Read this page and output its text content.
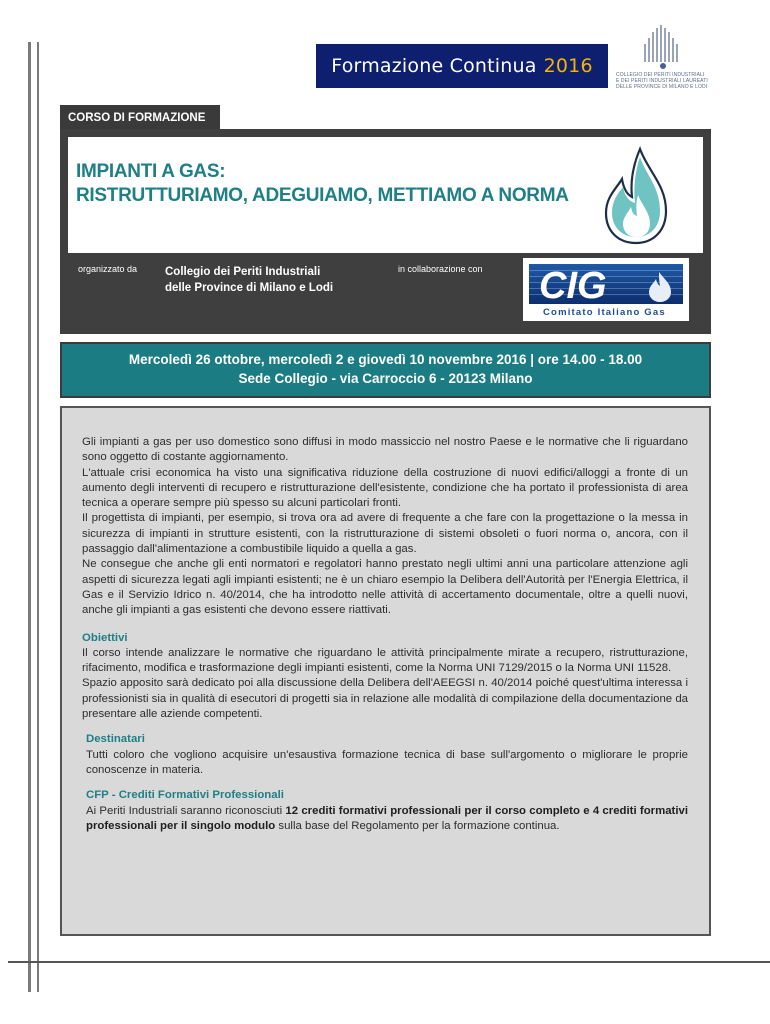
Formazione Continua 2016	COLLEGIO DEI PERITI INDUSTRIALI
E DEI PERITI INDUSTRIALI LAUREATI
DELLE PROVINCE DI MILANO E LODI
CORSO DI FORMAZIONE
IMPIANTI A GAS:
RISTRUTTURIAMO, ADEGUIAMO, METTIAMO A NORMA
organizzato da Collegio dei Periti Industriali
delle Province di Milano e Lodi
in collaborazione con CIG
Comitato Italiano Gas
Mercoledì 26 ottobre, mercoledì 2 e giovedì 10 novembre 2016 | ore 14.00 - 18.00
Sede Collegio - via Carroccio 6 - 20123 Milano

Gli impianti a gas per uso domestico sono diffusi in modo massiccio nel nostro Paese e le normative che li riguardano sono oggetto di costante aggiornamento.

L'attuale crisi economica ha visto una significativa riduzione della costruzione di nuovi edifici/alloggi a fronte di un aumento degli interventi di recupero e ristrutturazione dell'esistente, condizione che ha portato il professionista di area tecnica a operare sempre più spesso su alcuni particolari fronti.

Il progettista di impianti, per esempio, si trova ora ad avere di frequente a che fare con la progettazione o la messa in sicurezza di impianti in strutture esistenti, con la ristrutturazione di sistemi obsoleti o fuori norma o, ancora, con il passaggio dall'alimentazione a combustibile liquido a quella a gas.

Ne consegue che anche gli enti normatori e regolatori hanno prestato negli ultimi anni una particolare attenzione agli aspetti di sicurezza legati agli impianti esistenti; ne è un chiaro esempio la Delibera dell'Autorità per l'Energia Elettrica, il Gas e il Servizio Idrico n. 40/2014, che ha introdotto nelle attività di accertamento documentale, oltre a quelli nuovi, anche gli impianti a gas esistenti che devono essere riattivati.

Obiettivi

Il corso intende analizzare le normative che riguardano le attività principalmente mirate a recupero, ristrutturazione, rifacimento, modifica e trasformazione degli impianti esistenti, come la Norma UNI 7129/2015 o la Norma UNI 11528.

Spazio apposito sarà dedicato poi alla discussione della Delibera dell'AEEGSI n. 40/2014 poiché quest'ultima interessa i professionisti sia in qualità di esecutori di progetti sia in relazione alle modalità di compilazione della documentazione da presentare alle aziende competenti.

Destinatari

Tutti coloro che vogliono acquisire un'esaustiva formazione tecnica di base sull'argomento o migliorare le proprie conoscenze in materia.

CFP - Crediti Formativi Professionali

Ai Periti Industriali saranno riconosciuti 12 crediti formativi professionali per il corso completo e 4 crediti formativi professionali per il singolo modulo sulla base del Regolamento per la formazione continua.
